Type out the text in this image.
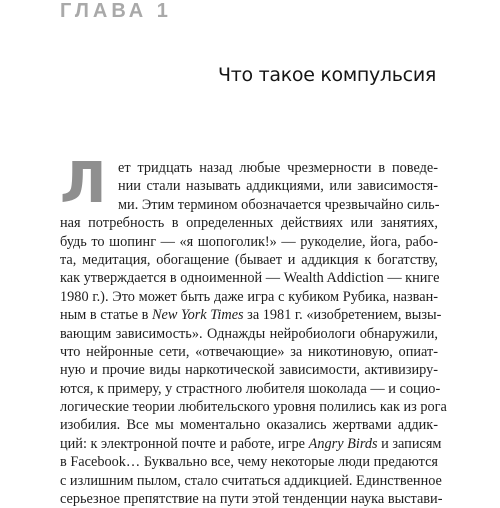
ГЛАВА 1
Что такое компульсия
Л ет тридцать назад любые чрезмерности в поведе-
нии стали называть аддикциями, или зависимостя-
ми. Этим термином обозначается чрезвычайно силь-
ная потребность в определенных действиях или занятиях,
будь то шопинг — «я шопоголик!» — рукоделие, йога, рабо-
та, медитация, обогащение (бывает и аддикция к богатству,
как утверждается в одноименной — Wealth Addiction — книге
1980 г.). Это может быть даже игра с кубиком Рубика, назван-
ным в статье в New York Times за 1981 г. «изобретением, вызы-
вающим зависимость». Однажды нейробиологи обнаружили,
что нейронные сети, «отвечающие» за никотиновую, опиат-
ную и прочие виды наркотической зависимости, активизиру-
ются, к примеру, у страстного любителя шоколада — и социо-
логические теории любительского уровня полились как из рога
изобилия. Все мы моментально оказались жертвами аддик-
ций: к электронной почте и работе, игре Angry Birds и записям
в Facebook… Буквально все, чему некоторые люди предаются
с излишним пылом, стало считаться аддикцией. Единственное
серьезное препятствие на пути этой тенденции наука выстави-
